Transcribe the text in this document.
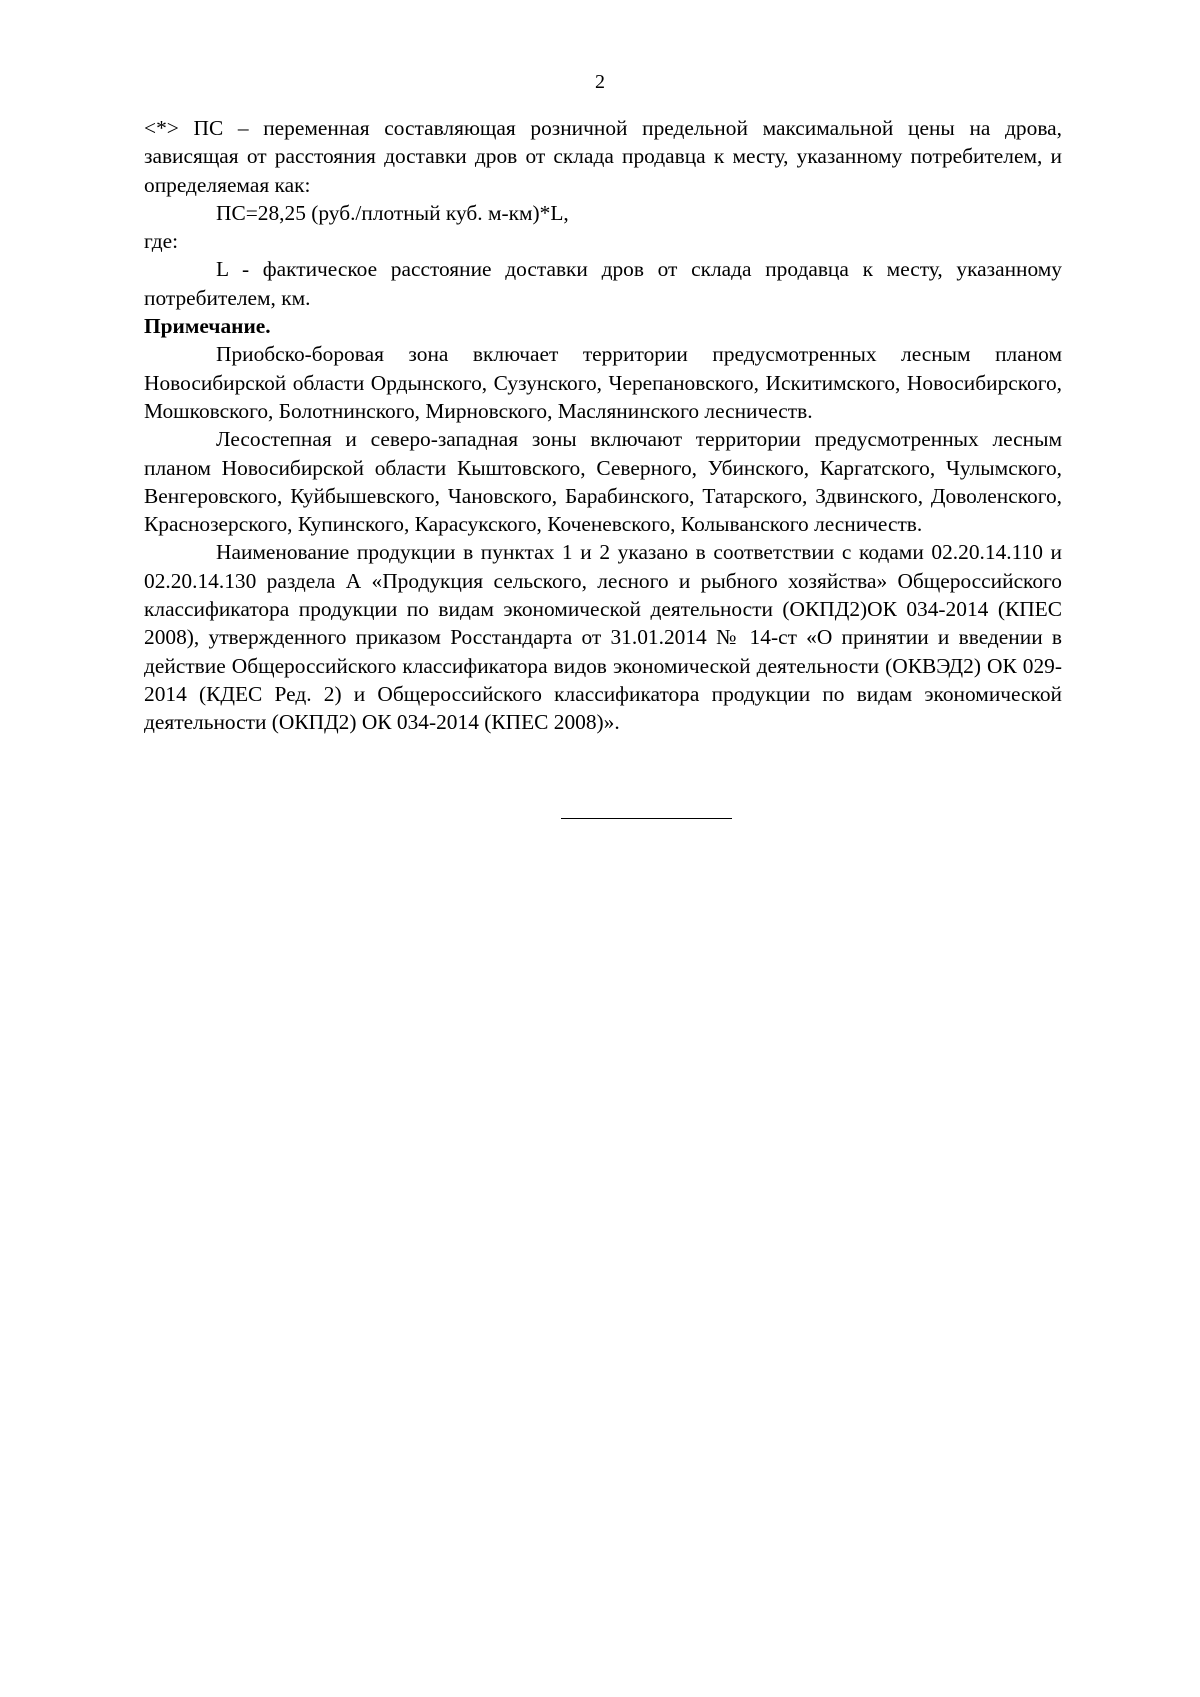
2

<*> ПС – переменная составляющая розничной предельной максимальной цены на дрова, зависящая от расстояния доставки дров от склада продавца к месту, указанному потребителем, и определяемая как:

ПС=28,25 (руб./плотный куб. м-км)*L,

где:

L - фактическое расстояние доставки дров от склада продавца к месту, указанному потребителем, км.

Примечание.

Приобско-боровая зона включает территории предусмотренных лесным планом Новосибирской области Ордынского, Сузунского, Черепановского, Искитимского, Новосибирского, Мошковского, Болотнинского, Мирновского, Маслянинского лесничеств.

Лесостепная и северо-западная зоны включают территории предусмотренных лесным планом Новосибирской области Кыштовского, Северного, Убинского, Каргатского, Чулымского, Венгеровского, Куйбышевского, Чановского, Барабинского, Татарского, Здвинского, Доволенского, Краснозерского, Купинского, Карасукского, Коченевского, Колыванского лесничеств.

Наименование продукции в пунктах 1 и 2 указано в соответствии с кодами 02.20.14.110 и 02.20.14.130 раздела А «Продукция сельского, лесного и рыбного хозяйства» Общероссийского классификатора продукции по видам экономической деятельности (ОКПД2)ОК 034-2014 (КПЕС 2008), утвержденного приказом Росстандарта от 31.01.2014 № 14-ст «О принятии и введении в действие Общероссийского классификатора видов экономической деятельности (ОКВЭД2) ОК 029-2014 (КДЕС Ред. 2) и Общероссийского классификатора продукции по видам экономической деятельности (ОКПД2) ОК 034-2014 (КПЕС 2008)».
